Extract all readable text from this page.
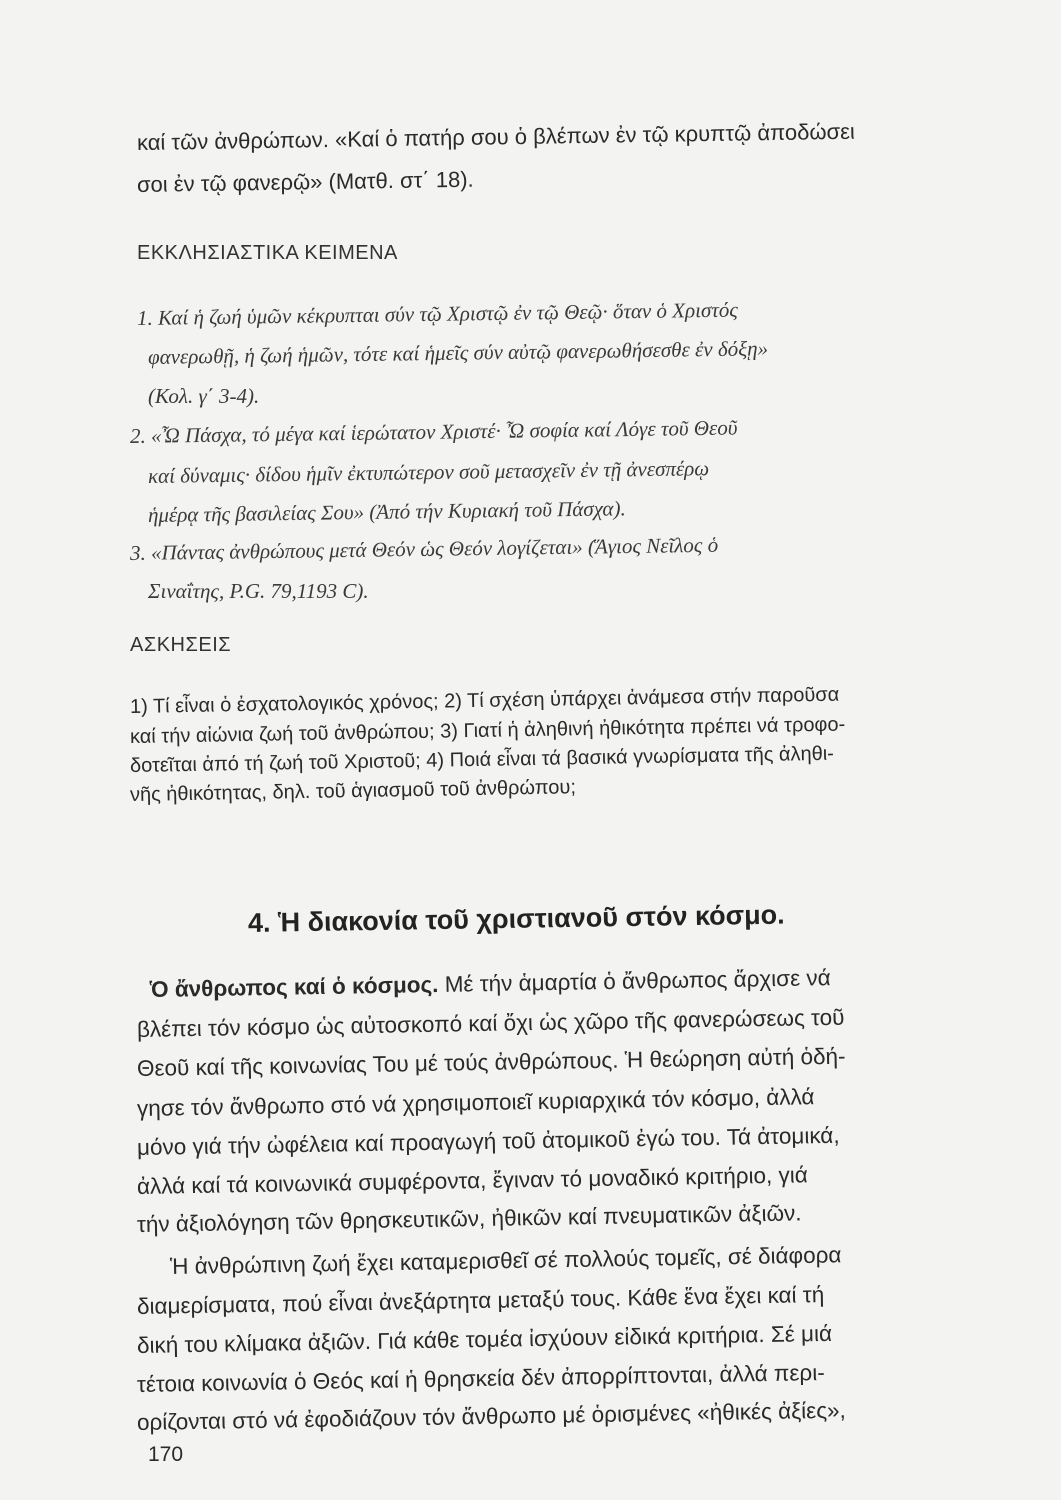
καί τῶν ἀνθρώπων. «Καί ὁ πατήρ σου ὁ βλέπων ἐν τῷ κρυπτῷ ἀποδώσει

σοι ἐν τῷ φανερῷ» (Ματθ. στ΄ 18).

ΕΚΚΛΗΣΙΑΣΤΙΚΑ ΚΕΙΜΕΝΑ

1. Καί ἡ ζωή ὑμῶν κέκρυπται σύν τῷ Χριστῷ ἐν τῷ Θεῷ· ὅταν ὁ Χριστός

φανερωθῇ, ἡ ζωή ἡμῶν, τότε καί ἡμεῖς σύν αὐτῷ φανερωθήσεσθε ἐν δόξῃ»

(Κολ. γ΄ 3-4).

2. «Ὦ Πάσχα, τό μέγα καί ἱερώτατον Χριστέ· Ὦ σοφία καί Λόγε τοῦ Θεοῦ

καί δύναμις· δίδου ἡμῖν ἐκτυπώτερον σοῦ μετασχεῖν ἐν τῇ ἀνεσπέρῳ

ἡμέρᾳ τῆς βασιλείας Σου» (Ἀπό τήν Κυριακή τοῦ Πάσχα).

3. «Πάντας ἀνθρώπους μετά Θεόν ὡς Θεόν λογίζεται» (Ἅγιος Νεῖλος ὁ

Σιναΐτης, P.G. 79,1193 C).

ΑΣΚΗΣΕΙΣ

1) Τί εἶναι ὁ ἐσχατολογικός χρόνος; 2) Τί σχέση ὑπάρχει ἀνάμεσα στήν παροῦσα

καί τήν αἰώνια ζωή τοῦ ἀνθρώπου; 3) Γιατί ἡ ἀληθινή ἠθικότητα πρέπει νά τροφο-

δοτεῖται ἀπό τή ζωή τοῦ Χριστοῦ; 4) Ποιά εἶναι τά βασικά γνωρίσματα τῆς ἀληθι-

νῆς ἠθικότητας, δηλ. τοῦ ἁγιασμοῦ τοῦ ἀνθρώπου;

4. Ἡ διακονία τοῦ χριστιανοῦ στόν κόσμο.

Ὁ ἄνθρωπος καί ὁ κόσμος. Μέ τήν ἁμαρτία ὁ ἄνθρωπος ἄρχισε νά

βλέπει τόν κόσμο ὡς αὐτοσκοπό καί ὄχι ὡς χῶρο τῆς φανερώσεως τοῦ

Θεοῦ καί τῆς κοινωνίας Του μέ τούς ἀνθρώπους. Ἡ θεώρηση αὐτή ὁδή-

γησε τόν ἄνθρωπο στό νά χρησιμοποιεῖ κυριαρχικά τόν κόσμο, ἀλλά

μόνο γιά τήν ὠφέλεια καί προαγωγή τοῦ ἀτομικοῦ ἐγώ του. Τά ἀτομικά,

ἀλλά καί τά κοινωνικά συμφέροντα, ἔγιναν τό μοναδικό κριτήριο, γιά

τήν ἀξιολόγηση τῶν θρησκευτικῶν, ἠθικῶν καί πνευματικῶν ἀξιῶν.

Ἡ ἀνθρώπινη ζωή ἔχει καταμερισθεῖ σέ πολλούς τομεῖς, σέ διάφορα

διαμερίσματα, πού εἶναι ἀνεξάρτητα μεταξύ τους. Κάθε ἕνα ἔχει καί τή

δική του κλίμακα ἀξιῶν. Γιά κάθε τομέα ἰσχύουν εἰδικά κριτήρια. Σέ μιά

τέτοια κοινωνία ὁ Θεός καί ἡ θρησκεία δέν ἀπορρίπτονται, ἀλλά περι-

ορίζονται στό νά ἐφοδιάζουν τόν ἄνθρωπο μέ ὁρισμένες «ἠθικές ἀξίες»,

170
